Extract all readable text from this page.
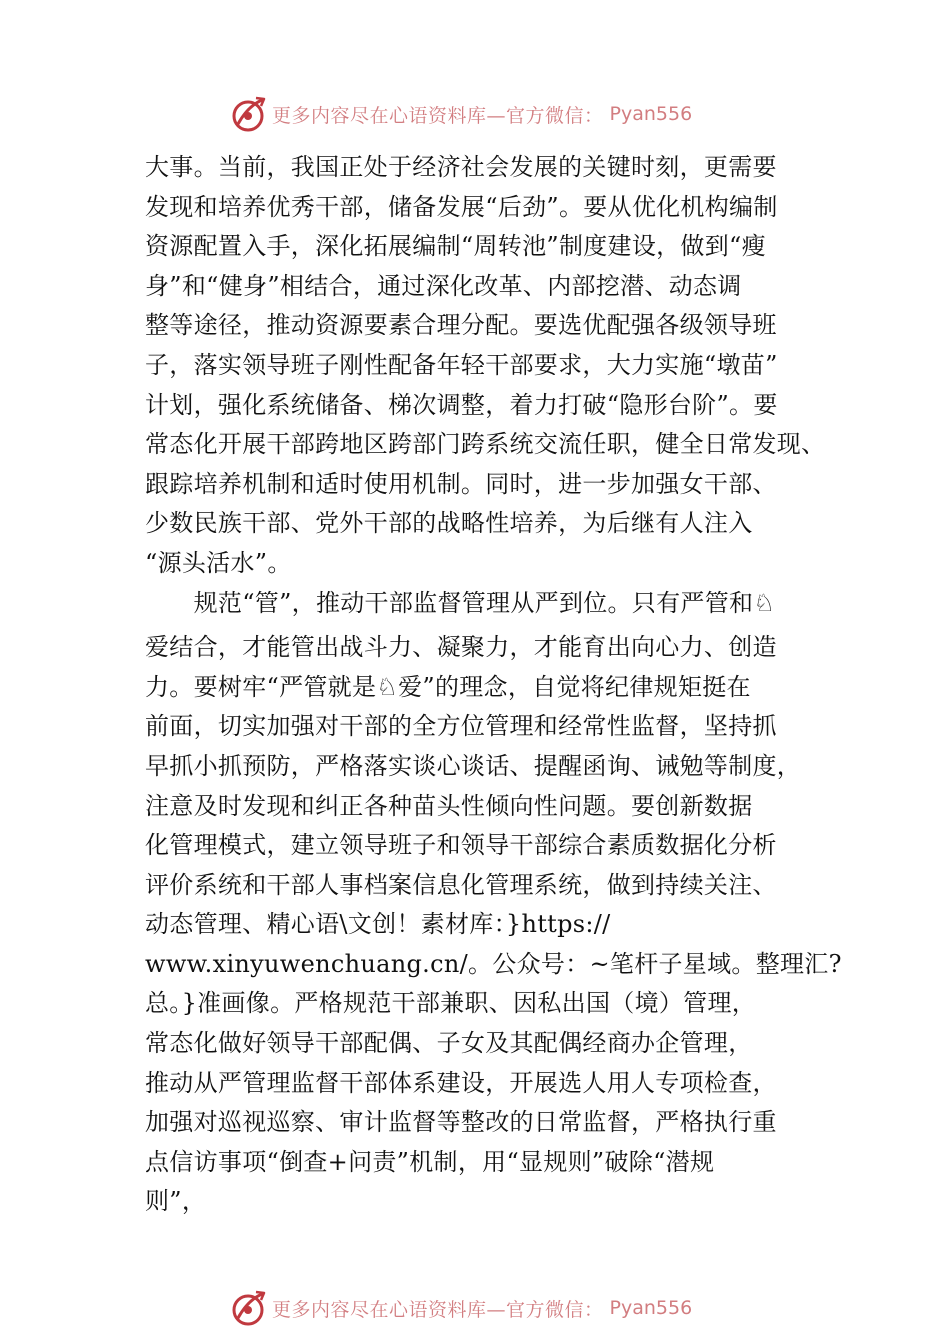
更多内容尽在心语资料库—官方微信： Pyan556
大事。当前，我国正处于经济社会发展的关键时刻，更需要
发现和培养优秀干部，储备发展“后劲”。要从优化机构编制
资源配置入手，深化拓展编制“周转池”制度建设，做到“瘦
身”和“健身”相结合，通过深化改革、内部挖潜、动态调
整等途径，推动资源要素合理分配。要选优配强各级领导班
子，落实领导班子刚性配备年轻干部要求，大力实施“墩苗”
计划，强化系统储备、梯次调整，着力打破“隐形台阶”。要
常态化开展干部跨地区跨部门跨系统交流任职，健全日常发现、
跟踪培养机制和适时使用机制。同时，进一步加强女干部、
少数民族干部、党外干部的战略性培养，为后继有人注入
“源头活水”。
　　规范“管”，推动干部监督管理从严到位。只有严管和♘
爱结合，才能管出战斗力、凝聚力，才能育出向心力、创造
力。要树牢“严管就是♘爱”的理念，自觉将纪律规矩挺在
前面，切实加强对干部的全方位管理和经常性监督，坚持抓
早抓小抓预防，严格落实谈心谈话、提醒函询、诫勉等制度，
注意及时发现和纠正各种苗头性倾向性问题。要创新数据
化管理模式，建立领导班子和领导干部综合素质数据化分析
评价系统和干部人事档案信息化管理系统，做到持续关注、
动态管理、精心语\文创！素材库：}https://
www.xinyuwenchuang.cn/。公众号：~笔杆子星域。整理汇?
总。}准画像。严格规范干部兼职、因私出国（境）管理，
常态化做好领导干部配偶、子女及其配偶经商办企管理，
推动从严管理监督干部体系建设，开展选人用人专项检查，
加强对巡视巡察、审计监督等整改的日常监督，严格执行重
点信访事项“倒查+问责”机制，用“显规则”破除“潜规
则”，
更多内容尽在心语资料库—官方微信： Pyan556
